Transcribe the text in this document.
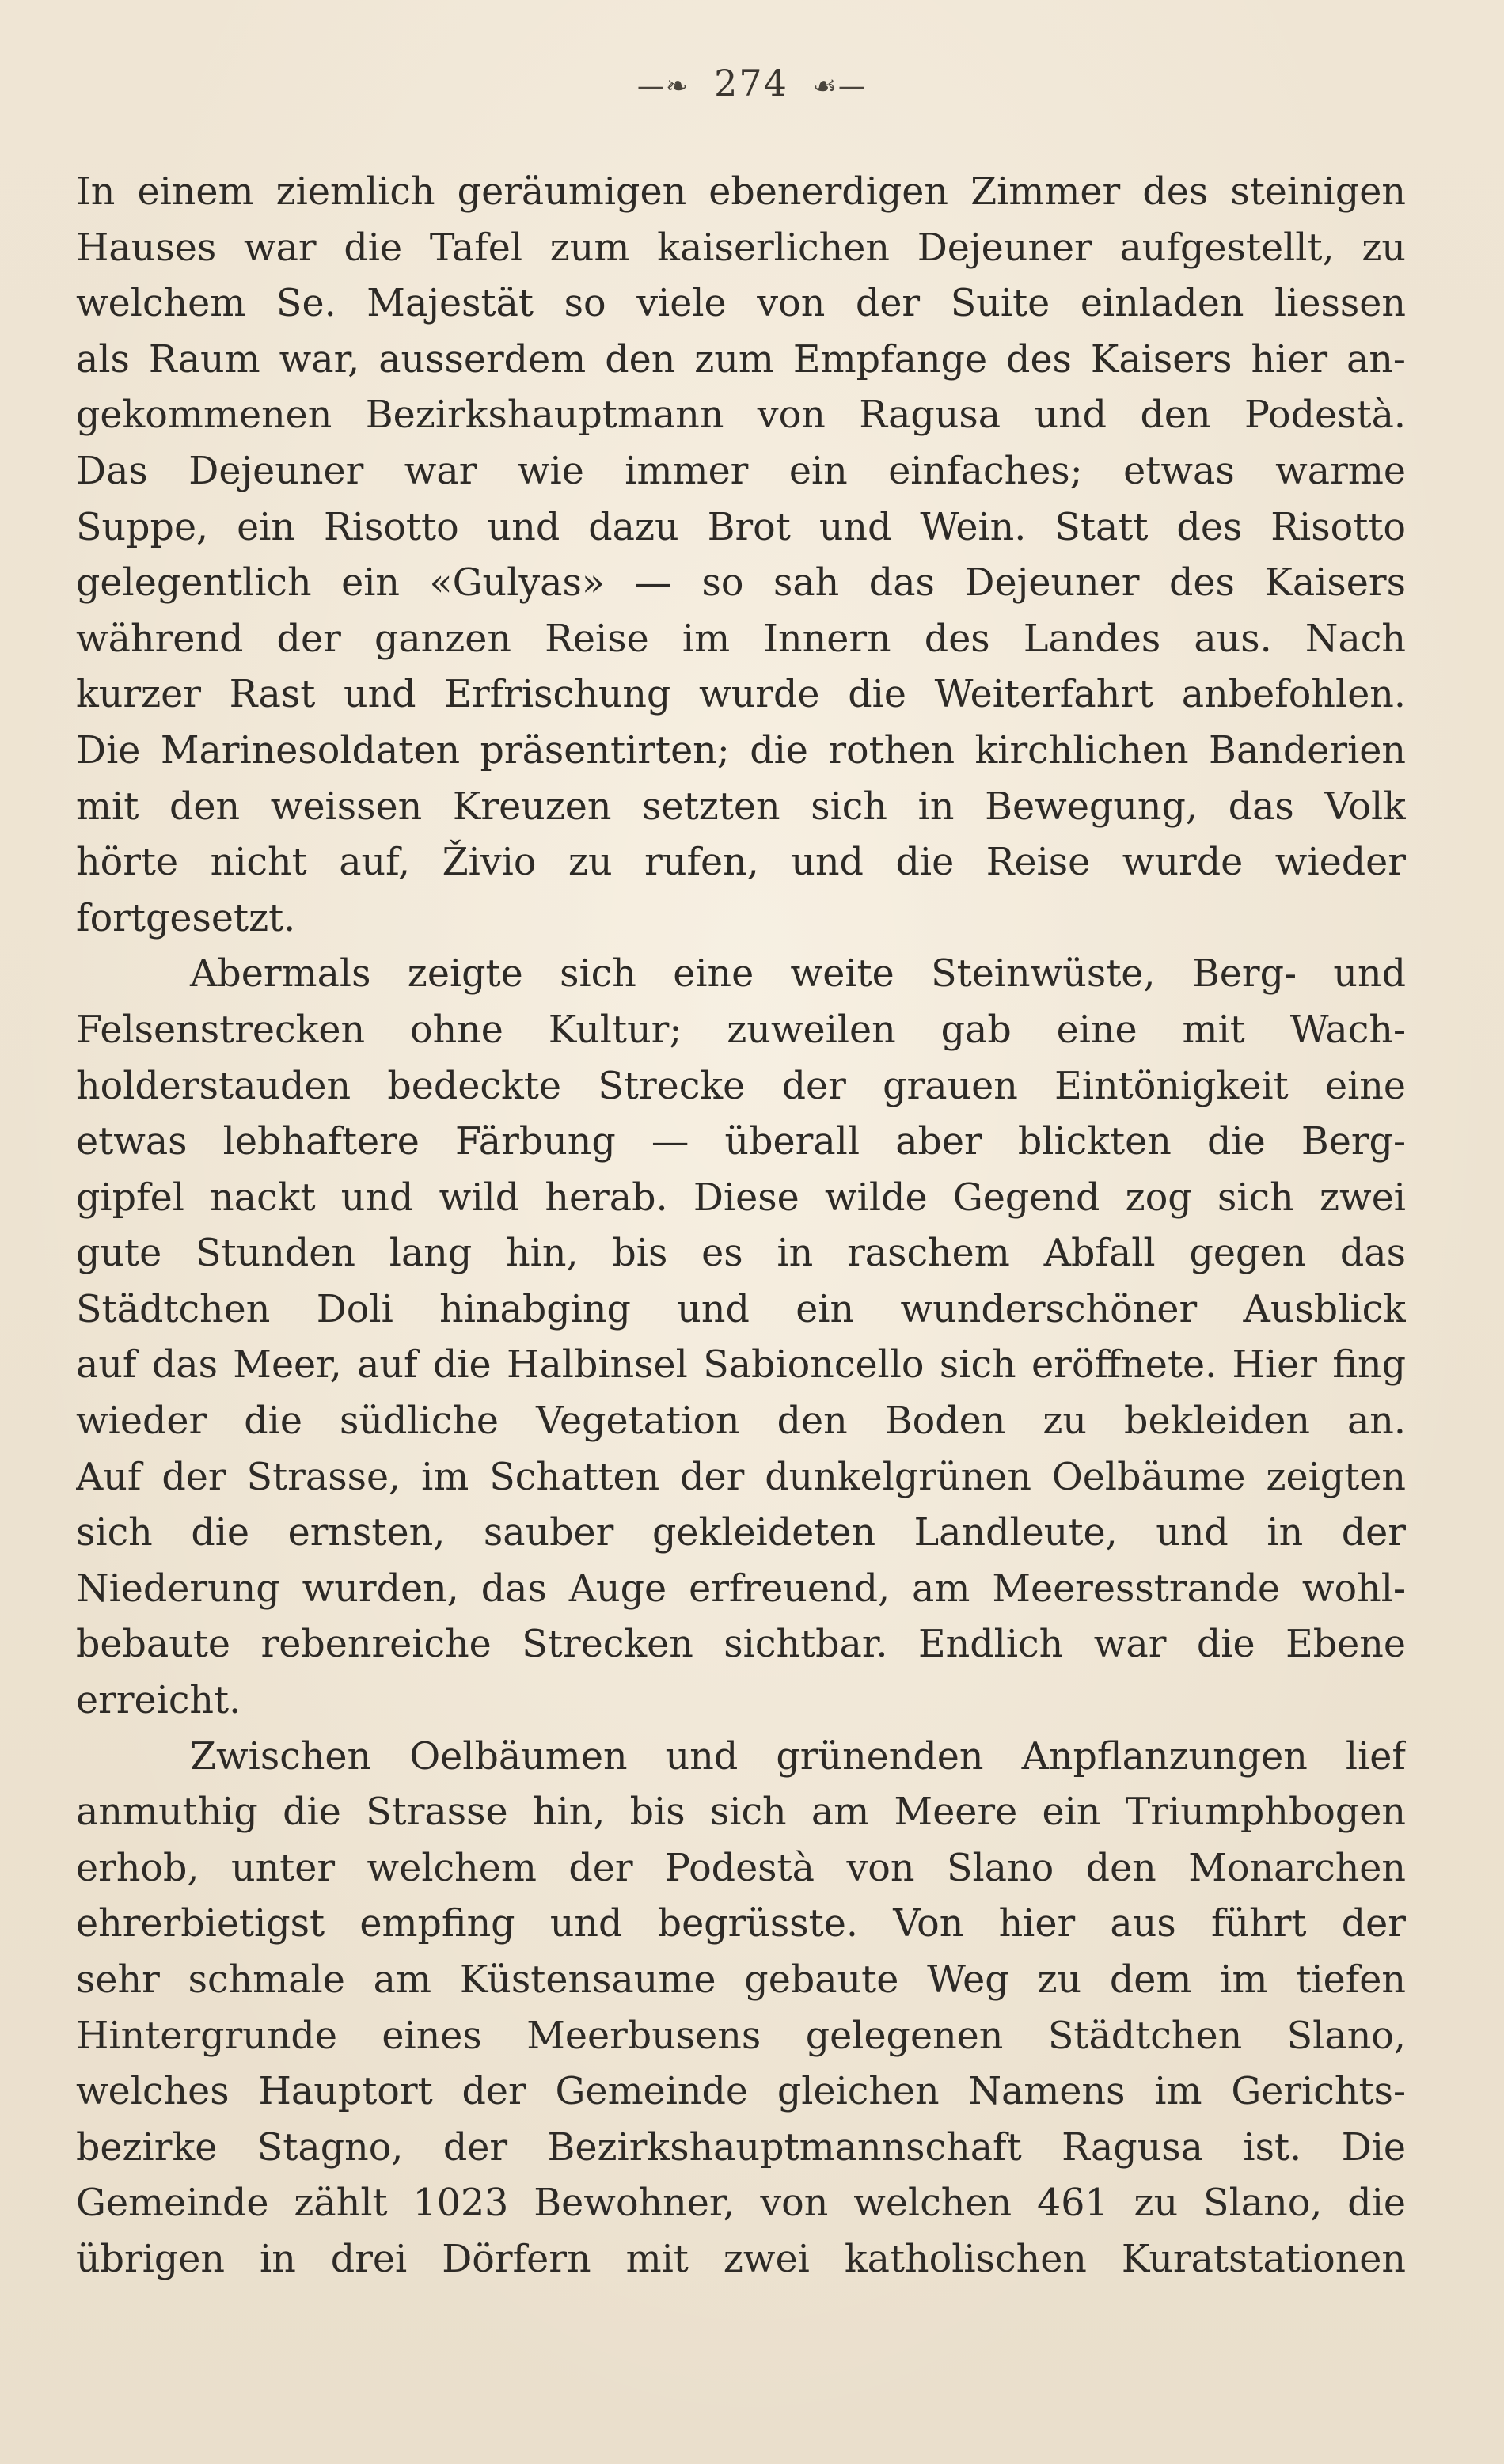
—❧ 274 ☙—
In einem ziemlich geräumigen ebenerdigen Zimmer des steinigen
Hauses war die Tafel zum kaiserlichen Dejeuner aufgestellt, zu
welchem Se. Majestät so viele von der Suite einladen liessen
als Raum war, ausserdem den zum Empfange des Kaisers hier an-
gekommenen Bezirkshauptmann von Ragusa und den Podestà.
Das Dejeuner war wie immer ein einfaches; etwas warme
Suppe, ein Risotto und dazu Brot und Wein. Statt des Risotto
gelegentlich ein «Gulyas» — so sah das Dejeuner des Kaisers
während der ganzen Reise im Innern des Landes aus. Nach
kurzer Rast und Erfrischung wurde die Weiterfahrt anbefohlen.
Die Marinesoldaten präsentirten; die rothen kirchlichen Banderien
mit den weissen Kreuzen setzten sich in Bewegung, das Volk
hörte nicht auf, Živio zu rufen, und die Reise wurde wieder
fortgesetzt.
Abermals zeigte sich eine weite Steinwüste, Berg- und
Felsenstrecken ohne Kultur; zuweilen gab eine mit Wach-
holderstauden bedeckte Strecke der grauen Eintönigkeit eine
etwas lebhaftere Färbung — überall aber blickten die Berg-
gipfel nackt und wild herab. Diese wilde Gegend zog sich zwei
gute Stunden lang hin, bis es in raschem Abfall gegen das
Städtchen Doli hinabging und ein wunderschöner Ausblick
auf das Meer, auf die Halbinsel Sabioncello sich eröffnete. Hier fing
wieder die südliche Vegetation den Boden zu bekleiden an.
Auf der Strasse, im Schatten der dunkelgrünen Oelbäume zeigten
sich die ernsten, sauber gekleideten Landleute, und in der
Niederung wurden, das Auge erfreuend, am Meeresstrande wohl-
bebaute rebenreiche Strecken sichtbar. Endlich war die Ebene
erreicht.
Zwischen Oelbäumen und grünenden Anpflanzungen lief
anmuthig die Strasse hin, bis sich am Meere ein Triumphbogen
erhob, unter welchem der Podestà von Slano den Monarchen
ehrerbietigst empfing und begrüsste. Von hier aus führt der
sehr schmale am Küstensaume gebaute Weg zu dem im tiefen
Hintergrunde eines Meerbusens gelegenen Städtchen Slano,
welches Hauptort der Gemeinde gleichen Namens im Gerichts-
bezirke Stagno, der Bezirkshauptmannschaft Ragusa ist. Die
Gemeinde zählt 1023 Bewohner, von welchen 461 zu Slano, die
übrigen in drei Dörfern mit zwei katholischen Kuratstationen
